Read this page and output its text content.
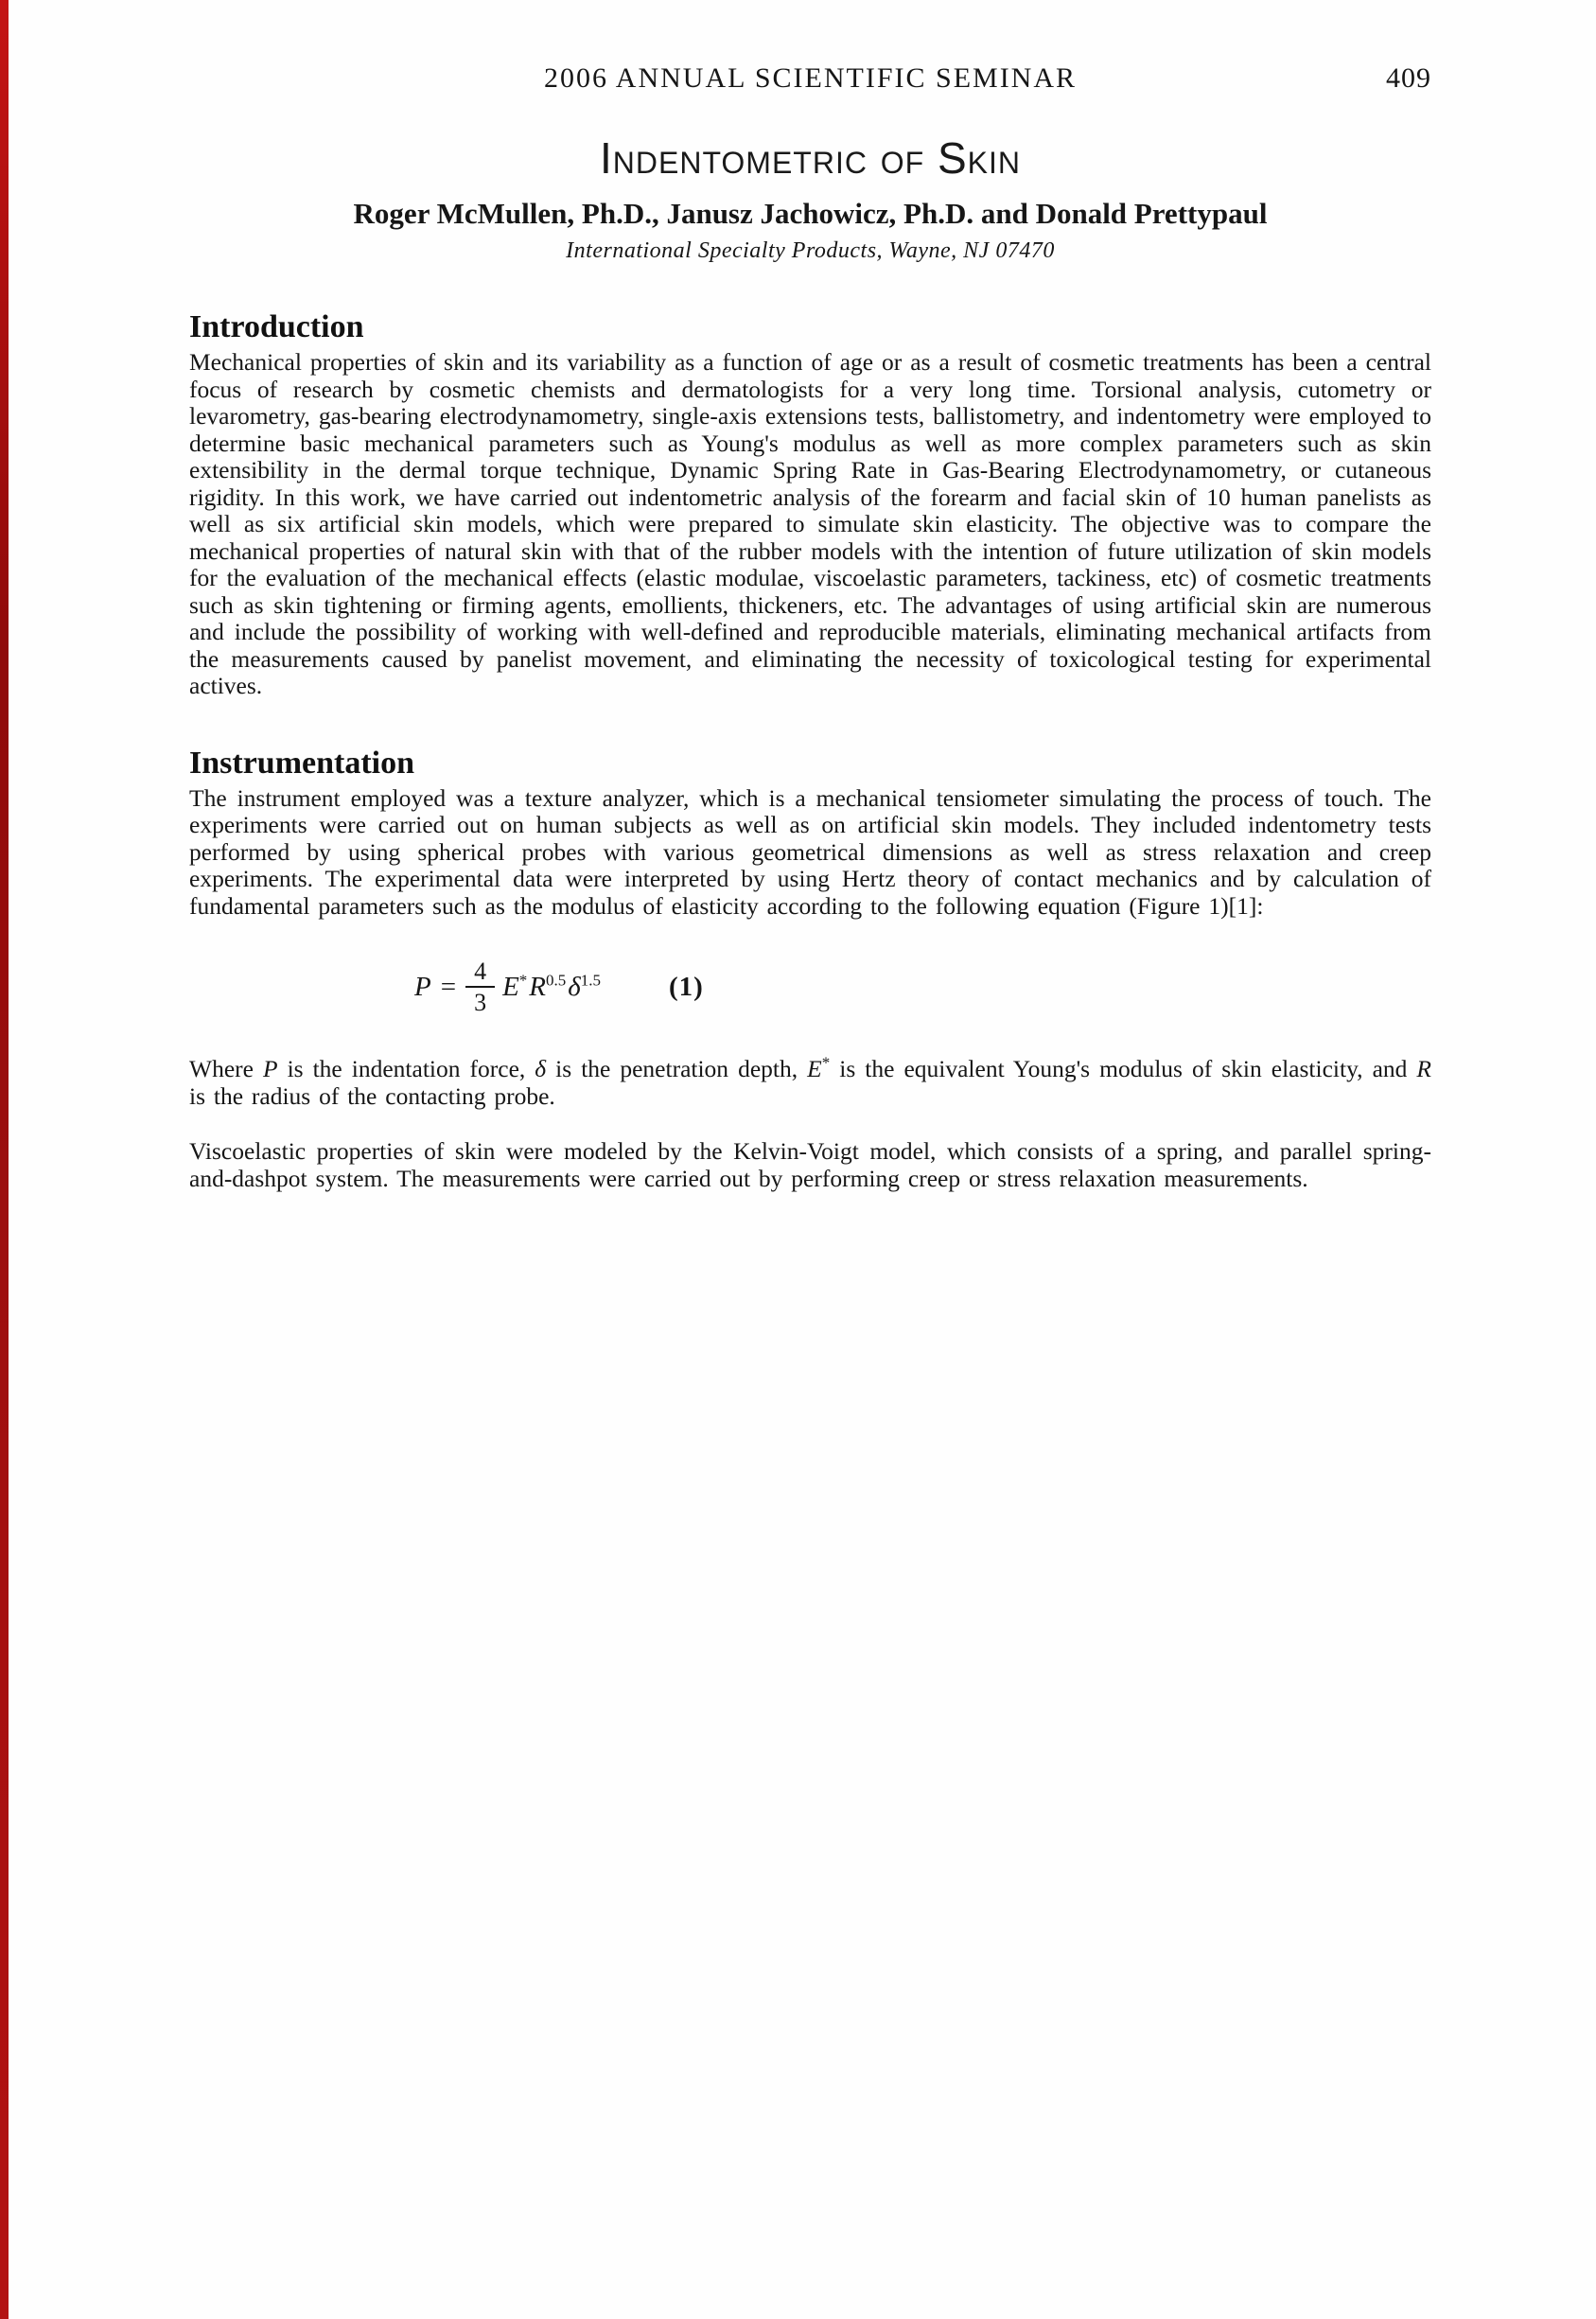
2006 ANNUAL SCIENTIFIC SEMINAR	409
Indentometric of Skin
Roger McMullen, Ph.D., Janusz Jachowicz, Ph.D. and Donald Prettypaul
International Specialty Products, Wayne, NJ 07470
Introduction

Mechanical properties of skin and its variability as a function of age or as a result of cosmetic treatments has been a central focus of research by cosmetic chemists and dermatologists for a very long time. Torsional analysis, cutometry or levarometry, gas-bearing electrodynamometry, single-axis extensions tests, ballistometry, and indentometry were employed to determine basic mechanical parameters such as Young's modulus as well as more complex parameters such as skin extensibility in the dermal torque technique, Dynamic Spring Rate in Gas-Bearing Electrodynamometry, or cutaneous rigidity. In this work, we have carried out indentometric analysis of the forearm and facial skin of 10 human panelists as well as six artificial skin models, which were prepared to simulate skin elasticity. The objective was to compare the mechanical properties of natural skin with that of the rubber models with the intention of future utilization of skin models for the evaluation of the mechanical effects (elastic modulae, viscoelastic parameters, tackiness, etc) of cosmetic treatments such as skin tightening or firming agents, emollients, thickeners, etc. The advantages of using artificial skin are numerous and include the possibility of working with well-defined and reproducible materials, eliminating mechanical artifacts from the measurements caused by panelist movement, and eliminating the necessity of toxicological testing for experimental actives.

Instrumentation

The instrument employed was a texture analyzer, which is a mechanical tensiometer simulating the process of touch. The experiments were carried out on human subjects as well as on artificial skin models. They included indentometry tests performed by using spherical probes with various geometrical dimensions as well as stress relaxation and creep experiments. The experimental data were interpreted by using Hertz theory of contact mechanics and by calculation of fundamental parameters such as the modulus of elasticity according to the following equation (Figure 1)[1]:

$P = \frac{4}{3} E^*$ $R^{0.5}$ $\delta^{1.5}$ (1)

Where P is the indentation force, δ is the penetration depth, E* is the equivalent Young's modulus of skin elasticity, and R is the radius of the contacting probe.

Viscoelastic properties of skin were modeled by the Kelvin-Voigt model, which consists of a spring, and parallel spring-and-dashpot system. The measurements were carried out by performing creep or stress relaxation measurements.
